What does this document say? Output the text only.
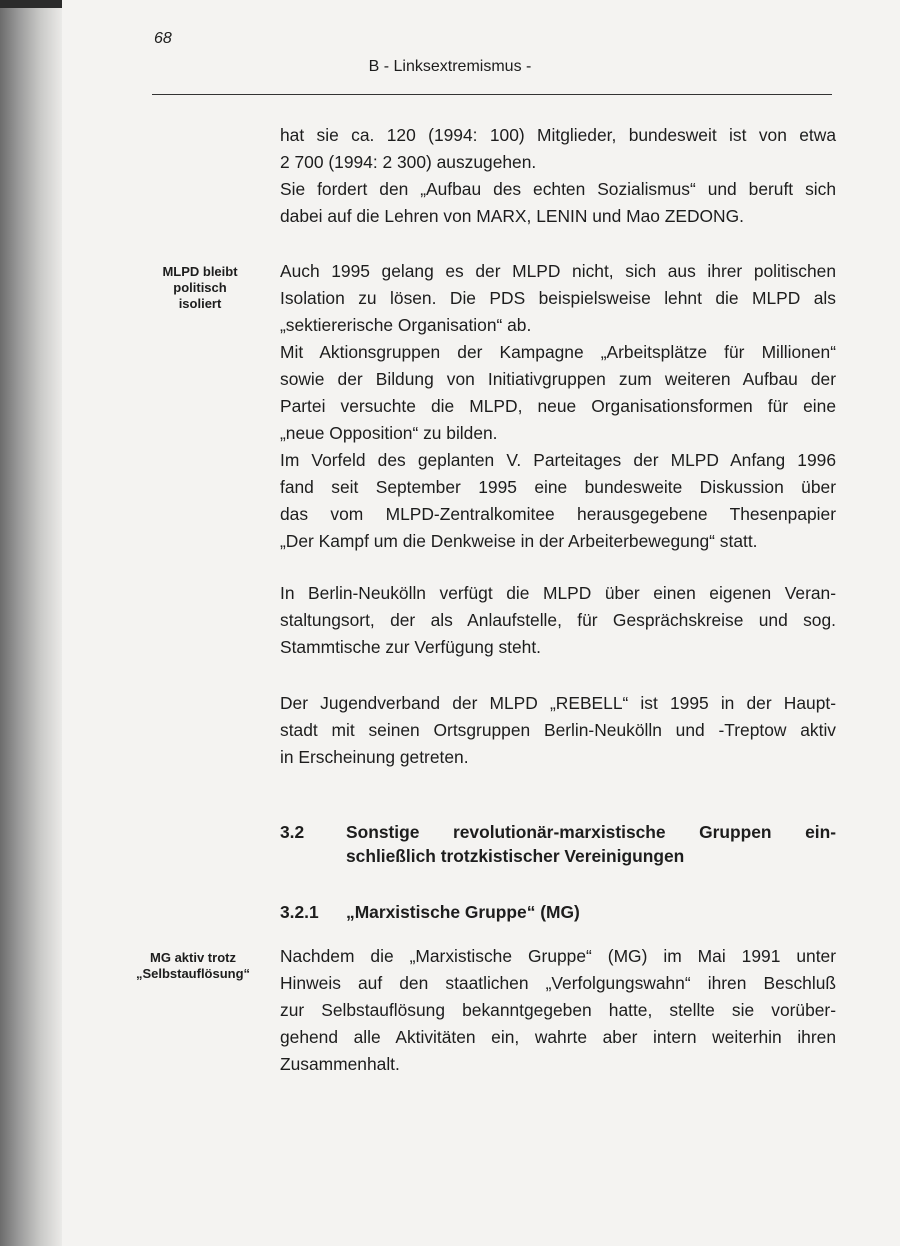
68
B - Linksextremismus -

hat sie ca. 120 (1994: 100) Mitglieder, bundesweit ist von etwa
2 700 (1994: 2 300) auszugehen.
Sie fordert den „Aufbau des echten Sozialismus“ und beruft sich
dabei auf die Lehren von MARX, LENIN und Mao ZEDONG.

MLPD bleibt
politisch
isoliert

Auch 1995 gelang es der MLPD nicht, sich aus ihrer politischen
Isolation zu lösen. Die PDS beispielsweise lehnt die MLPD als
„sektiererische Organisation“ ab.
Mit Aktionsgruppen der Kampagne „Arbeitsplätze für Millionen“
sowie der Bildung von Initiativgruppen zum weiteren Aufbau der
Partei versuchte die MLPD, neue Organisationsformen für eine
„neue Opposition“ zu bilden.
Im Vorfeld des geplanten V. Parteitages der MLPD Anfang 1996
fand seit September 1995 eine bundesweite Diskussion über
das vom MLPD-Zentralkomitee herausgegebene Thesenpapier
„Der Kampf um die Denkweise in der Arbeiterbewegung“ statt.

In Berlin-Neukölln verfügt die MLPD über einen eigenen Veran-
staltungsort, der als Anlaufstelle, für Gesprächskreise und sog.
Stammtische zur Verfügung steht.

Der Jugendverband der MLPD „REBELL“ ist 1995 in der Haupt-
stadt mit seinen Ortsgruppen Berlin-Neukölln und -Treptow aktiv
in Erscheinung getreten.

3.2 Sonstige revolutionär-marxistische Gruppen ein-
schließlich trotzkistischer Vereinigungen
3.2.1 „Marxistische Gruppe“ (MG)
MG aktiv trotz
„Selbstauflösung“

Nachdem die „Marxistische Gruppe“ (MG) im Mai 1991 unter
Hinweis auf den staatlichen „Verfolgungswahn“ ihren Beschluß
zur Selbstauflösung bekanntgegeben hatte, stellte sie vorüber-
gehend alle Aktivitäten ein, wahrte aber intern weiterhin ihren
Zusammenhalt.
